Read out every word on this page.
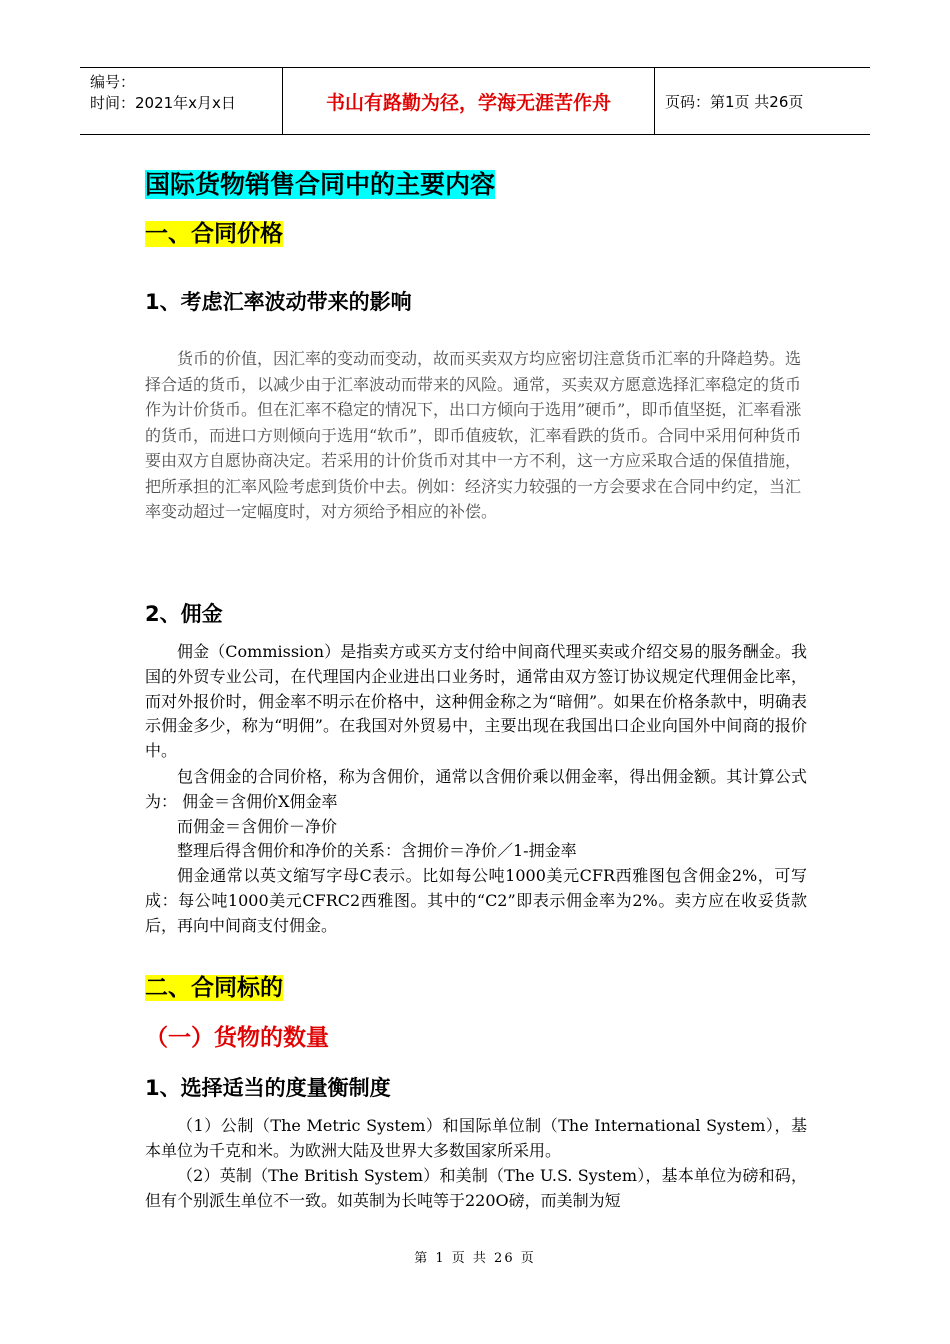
编号：
时间：2021年x月x日	书山有路勤为径，学海无涯苦作舟	页码：第1页 共26页
国际货物销售合同中的主要内容
一、合同价格
1、考虑汇率波动带来的影响
货币的价值，因汇率的变动而变动，故而买卖双方均应密切注意货币汇率的升降趋势。选择合适的货币，以减少由于汇率波动而带来的风险。通常，买卖双方愿意选择汇率稳定的货币作为计价货币。但在汇率不稳定的情况下，出口方倾向于选用”硬币”，即币值坚挺，汇率看涨的货币，而进口方则倾向于选用“软币”，即币值疲软，汇率看跌的货币。合同中采用何种货币要由双方自愿协商决定。若采用的计价货币对其中一方不利，这一方应采取合适的保值措施，把所承担的汇率风险考虑到货价中去。例如：经济实力较强的一方会要求在合同中约定，当汇率变动超过一定幅度时，对方须给予相应的补偿。
2、佣金
佣金（Commission）是指卖方或买方支付给中间商代理买卖或介绍交易的服务酬金。我国的外贸专业公司，在代理国内企业进出口业务时，通常由双方签订协议规定代理佣金比率，而对外报价时，佣金率不明示在价格中，这种佣金称之为“暗佣”。如果在价格条款中，明确表示佣金多少，称为“明佣”。在我国对外贸易中，主要出现在我国出口企业向国外中间商的报价中。
包含佣金的合同价格，称为含佣价，通常以含佣价乘以佣金率，得出佣金额。其计算公式为： 佣金＝含佣价X佣金率
而佣金＝含佣价－净价
整理后得含佣价和净价的关系：含拥价＝净价／1-拥金率
佣金通常以英文缩写字母C表示。比如每公吨1000美元CFR西雅图包含佣金2%，可写成：每公吨1000美元CFRC2西雅图。其中的“C2”即表示佣金率为2%。卖方应在收妥货款后，再向中间商支付佣金。
二、合同标的
（一）货物的数量
1、选择适当的度量衡制度
（1）公制（The Metric System）和国际单位制（The International System），基本单位为千克和米。为欧洲大陆及世界大多数国家所采用。
（2）英制（The British System）和美制（The U.S. System），基本单位为磅和码，但有个别派生单位不一致。如英制为长吨等于220O磅，而美制为短
第 1 页 共 26 页
